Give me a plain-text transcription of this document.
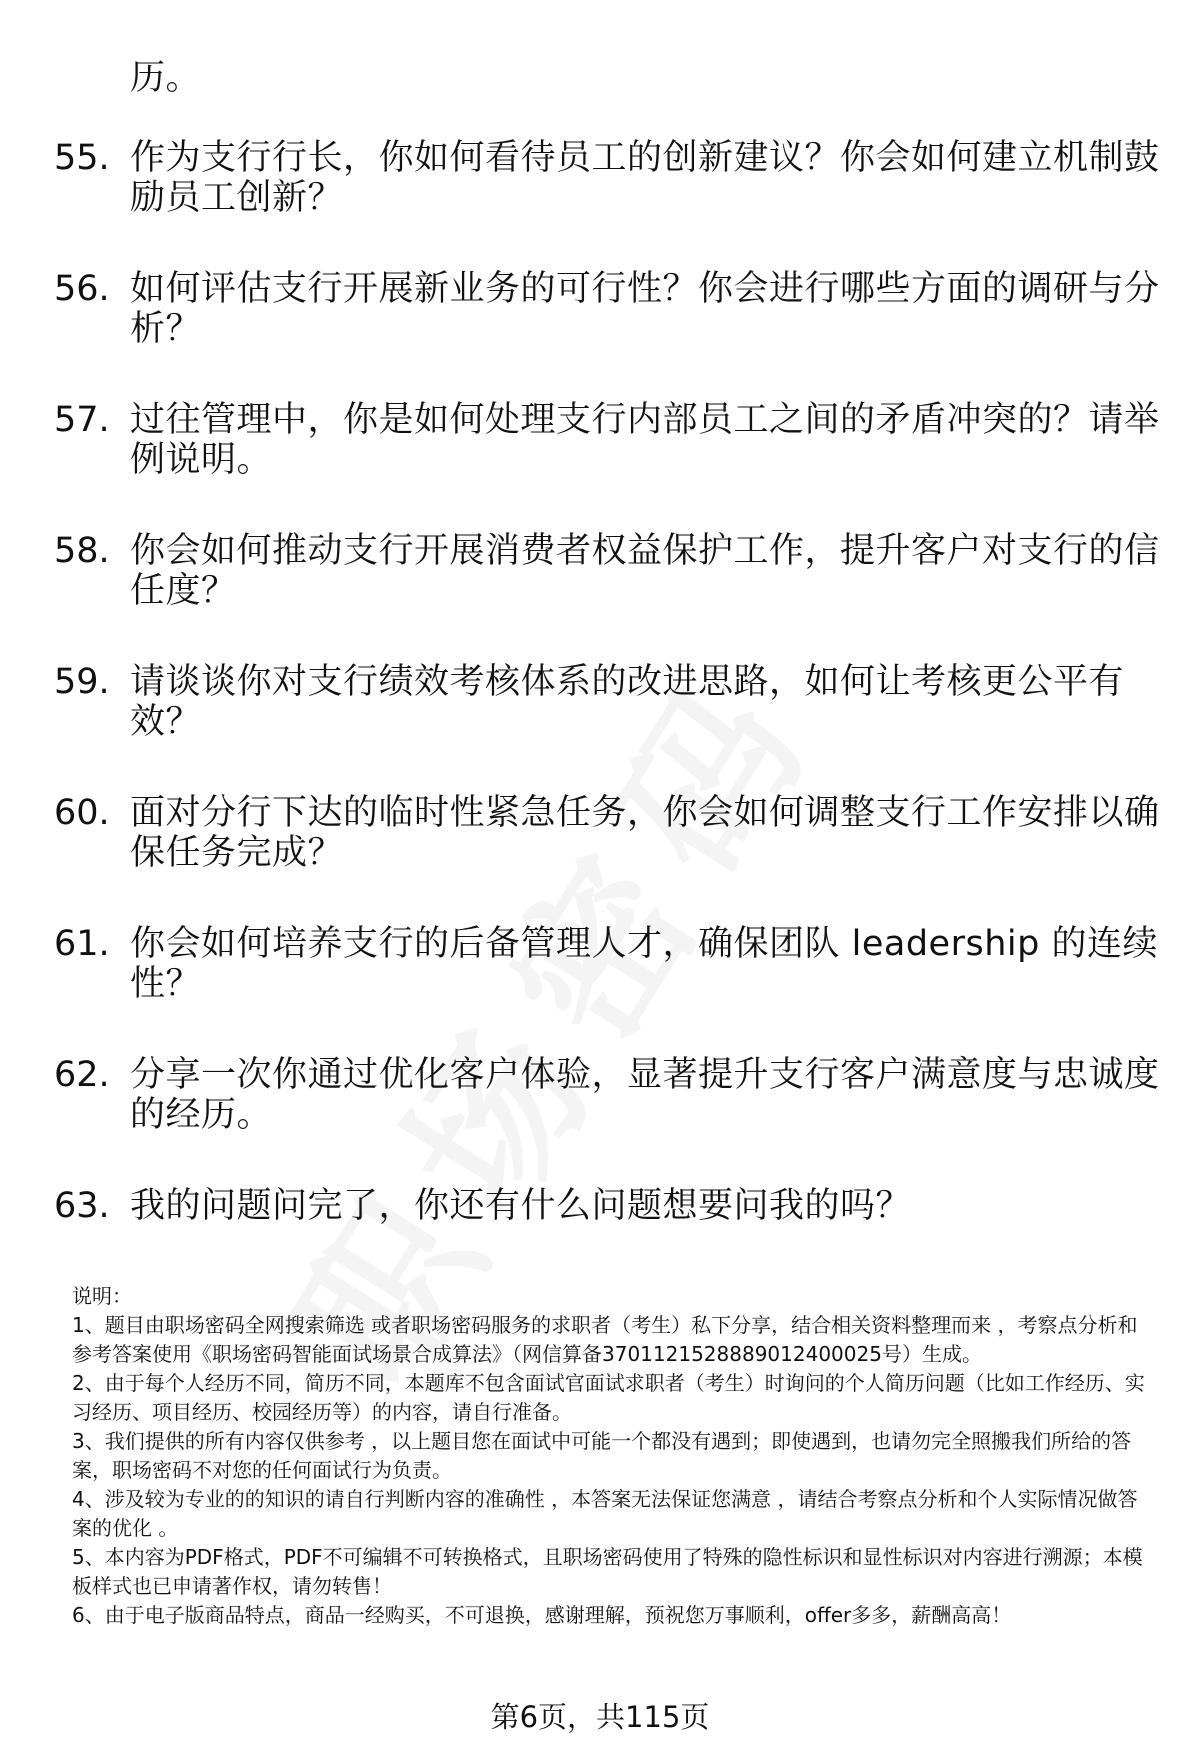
历。
55. 作为支行行长，你如何看待员工的创新建议？你会如何建立机制鼓励员工创新？
56. 如何评估支行开展新业务的可行性？你会进行哪些方面的调研与分析？
57. 过往管理中，你是如何处理支行内部员工之间的矛盾冲突的？请举例说明。
58. 你会如何推动支行开展消费者权益保护工作，提升客户对支行的信任度？
59. 请谈谈你对支行绩效考核体系的改进思路，如何让考核更公平有效？
60. 面对分行下达的临时性紧急任务，你会如何调整支行工作安排以确保任务完成？
61. 你会如何培养支行的后备管理人才，确保团队 leadership 的连续性？
62. 分享一次你通过优化客户体验，显著提升支行客户满意度与忠诚度的经历。
63. 我的问题问完了，你还有什么问题想要问我的吗？

说明：

1、题目由职场密码全网搜索筛选 或者职场密码服务的求职者（考生）私下分享，结合相关资料整理而来 ，考察点分析和参考答案使用《职场密码智能面试场景合成算法》（网信算备3701121528889012400025号）生成。

2、由于每个人经历不同，简历不同，本题库不包含面试官面试求职者（考生）时询问的个人简历问题（比如工作经历、实习经历、项目经历、校园经历等）的内容，请自行准备。

3、我们提供的所有内容仅供参考 ，以上题目您在面试中可能一个都没有遇到；即使遇到，也请勿完全照搬我们所给的答案，职场密码不对您的任何面试行为负责。

4、涉及较为专业的的知识的请自行判断内容的准确性 ，本答案无法保证您满意 ，请结合考察点分析和个人实际情况做答案的优化 。

5、本内容为PDF格式，PDF不可编辑不可转换格式，且职场密码使用了特殊的隐性标识和显性标识对内容进行溯源；本模板样式也已申请著作权，请勿转售！

6、由于电子版商品特点，商品一经购买，不可退换，感谢理解，预祝您万事顺利，offer多多，薪酬高高！

第6页，共115页
